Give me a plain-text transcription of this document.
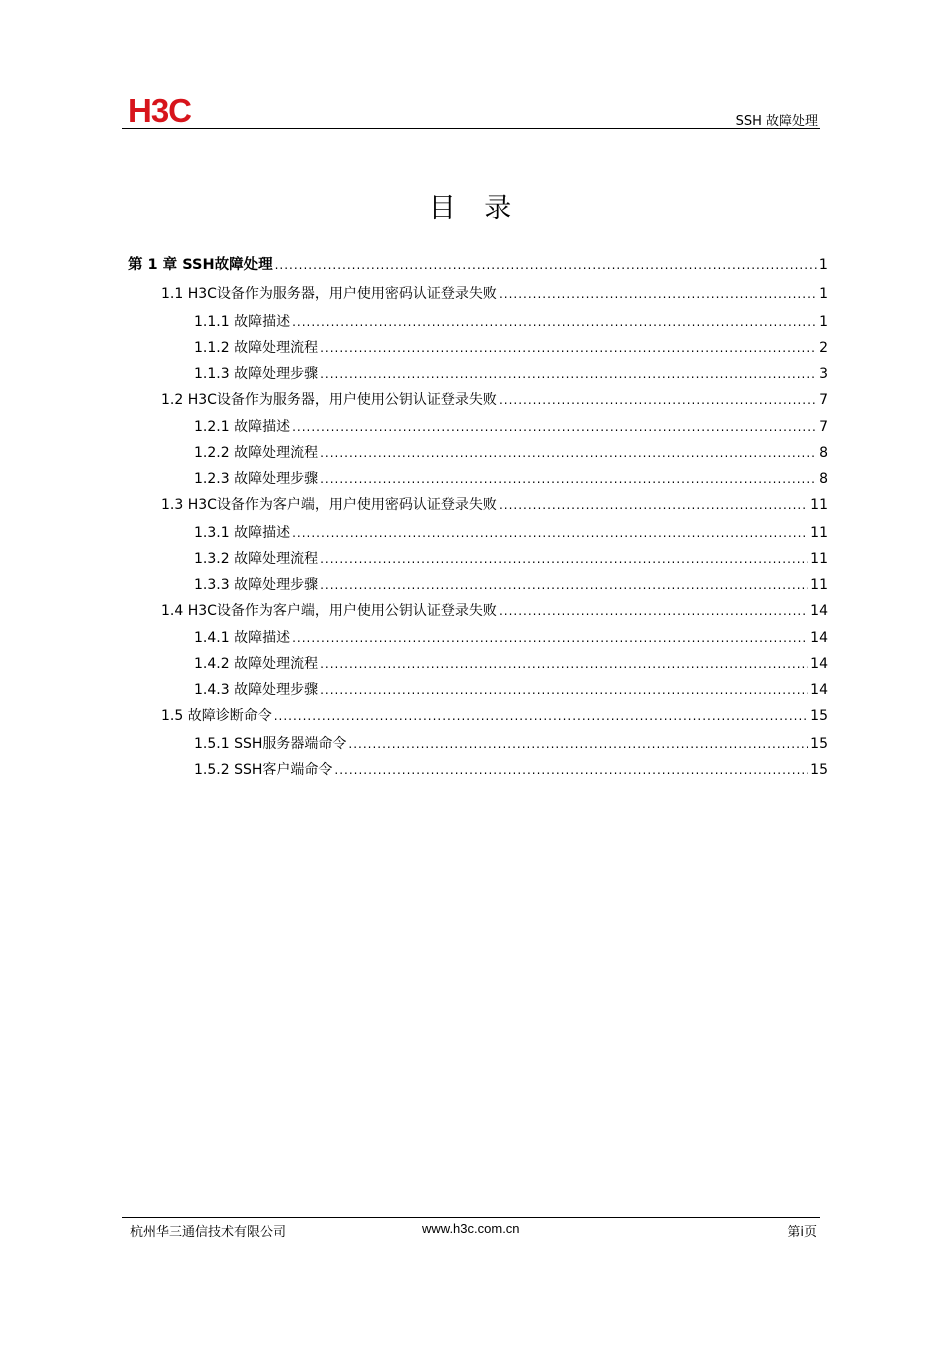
H3C	SSH 故障处理
目 录
第 1 章 SSH故障处理 .....	1
1.1 H3C设备作为服务器，用户使用密码认证登录失败 .....	1
1.1.1 故障描述 .....	1
1.1.2 故障处理流程 .....	2
1.1.3 故障处理步骤 .....	3
1.2 H3C设备作为服务器，用户使用公钥认证登录失败 .....	7
1.2.1 故障描述 .....	7
1.2.2 故障处理流程 .....	8
1.2.3 故障处理步骤 .....	8
1.3 H3C设备作为客户端，用户使用密码认证登录失败 .....	11
1.3.1 故障描述 .....	11
1.3.2 故障处理流程 .....	11
1.3.3 故障处理步骤 .....	11
1.4 H3C设备作为客户端，用户使用公钥认证登录失败 .....	14
1.4.1 故障描述 .....	14
1.4.2 故障处理流程 .....	14
1.4.3 故障处理步骤 .....	14
1.5 故障诊断命令 .....	15
1.5.1 SSH服务器端命令 .....	15
1.5.2 SSH客户端命令 .....	15
杭州华三通信技术有限公司	www.h3c.com.cn	第i页
